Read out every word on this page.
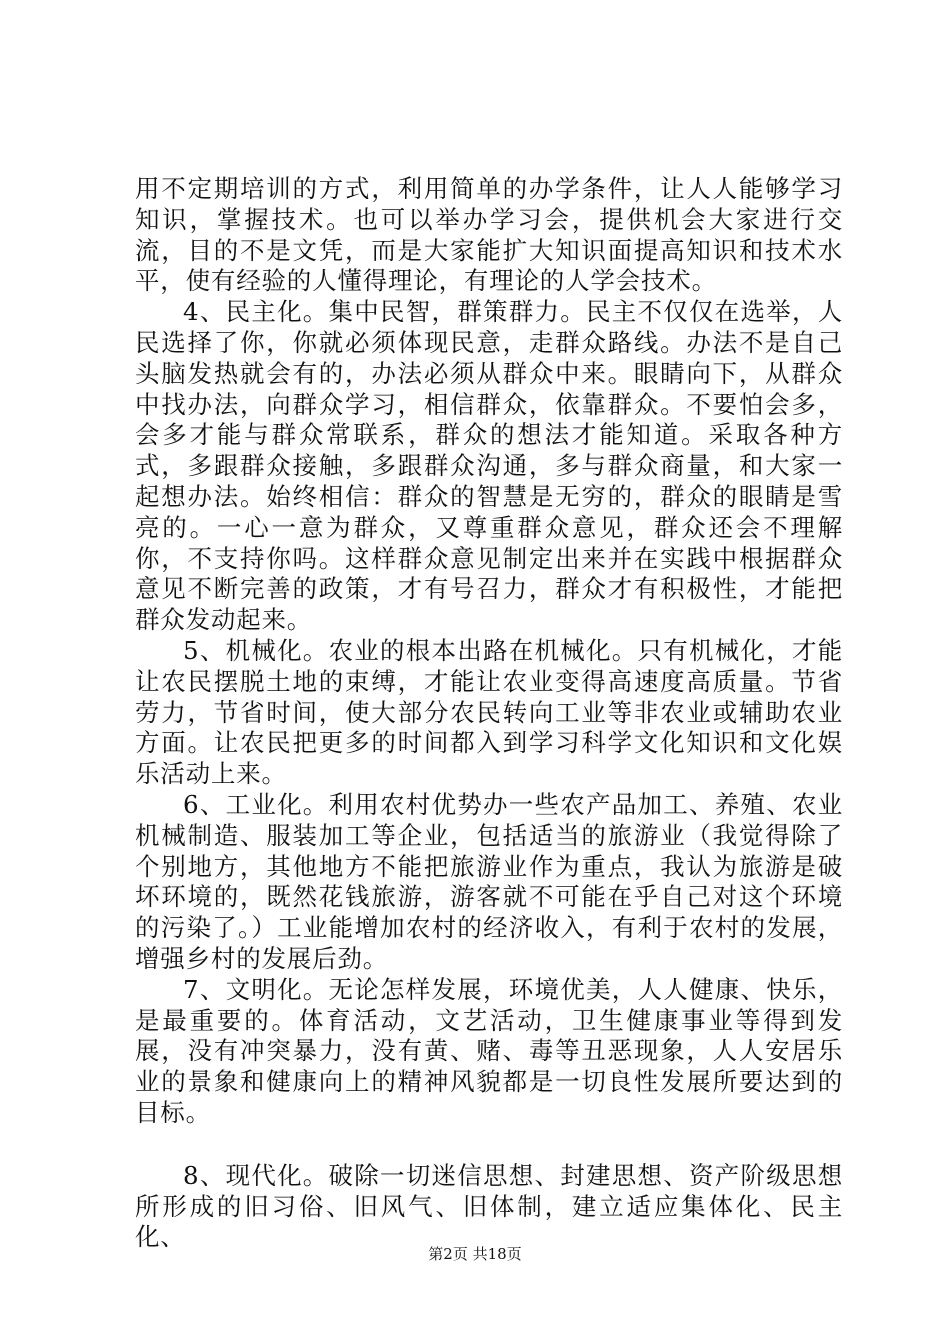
用不定期培训的方式，利用简单的办学条件，让人人能够学习知识，掌握技术。也可以举办学习会，提供机会大家进行交流，目的不是文凭，而是大家能扩大知识面提高知识和技术水平，使有经验的人懂得理论，有理论的人学会技术。

4、民主化。集中民智，群策群力。民主不仅仅在选举，人民选择了你，你就必须体现民意，走群众路线。办法不是自己头脑发热就会有的，办法必须从群众中来。眼睛向下，从群众中找办法，向群众学习，相信群众，依靠群众。不要怕会多，会多才能与群众常联系，群众的想法才能知道。采取各种方式，多跟群众接触，多跟群众沟通，多与群众商量，和大家一起想办法。始终相信：群众的智慧是无穷的，群众的眼睛是雪亮的。一心一意为群众，又尊重群众意见，群众还会不理解你，不支持你吗。这样群众意见制定出来并在实践中根据群众意见不断完善的政策，才有号召力，群众才有积极性，才能把群众发动起来。

5、机械化。农业的根本出路在机械化。只有机械化，才能让农民摆脱土地的束缚，才能让农业变得高速度高质量。节省劳力，节省时间，使大部分农民转向工业等非农业或辅助农业方面。让农民把更多的时间都入到学习科学文化知识和文化娱乐活动上来。

6、工业化。利用农村优势办一些农产品加工、养殖、农业机械制造、服装加工等企业，包括适当的旅游业（我觉得除了个别地方，其他地方不能把旅游业作为重点，我认为旅游是破坏环境的，既然花钱旅游，游客就不可能在乎自己对这个环境的污染了。）工业能增加农村的经济收入，有利于农村的发展，增强乡村的发展后劲。

7、文明化。无论怎样发展，环境优美，人人健康、快乐，是最重要的。体育活动，文艺活动，卫生健康事业等得到发展，没有冲突暴力，没有黄、赌、毒等丑恶现象，人人安居乐业的景象和健康向上的精神风貌都是一切良性发展所要达到的目标。

8、现代化。破除一切迷信思想、封建思想、资产阶级思想所形成的旧习俗、旧风气、旧体制，建立适应集体化、民主化、

第2页 共18页
